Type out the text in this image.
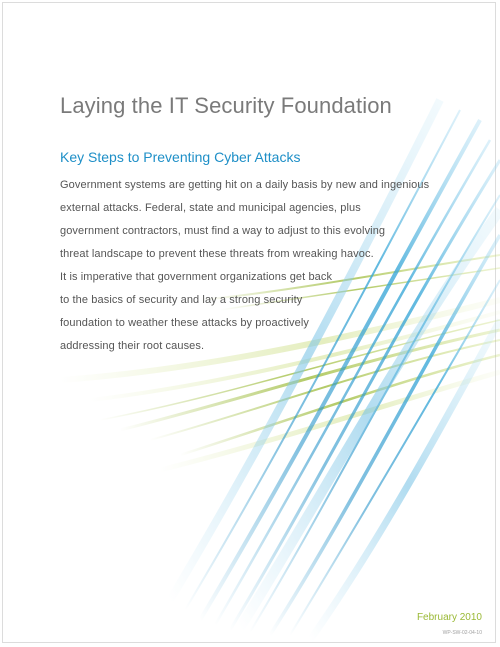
Laying the IT Security Foundation
Key Steps to Preventing Cyber Attacks
Government systems are getting hit on a daily basis by new and ingenious
external attacks. Federal, state and municipal agencies, plus
government contractors, must find a way to adjust to this evolving
threat landscape to prevent these threats from wreaking havoc.
It is imperative that government organizations get back
to the basics of security and lay a strong security
foundation to weather these attacks by proactively
addressing their root causes.
February 2010
WP-SW-02-04-10
